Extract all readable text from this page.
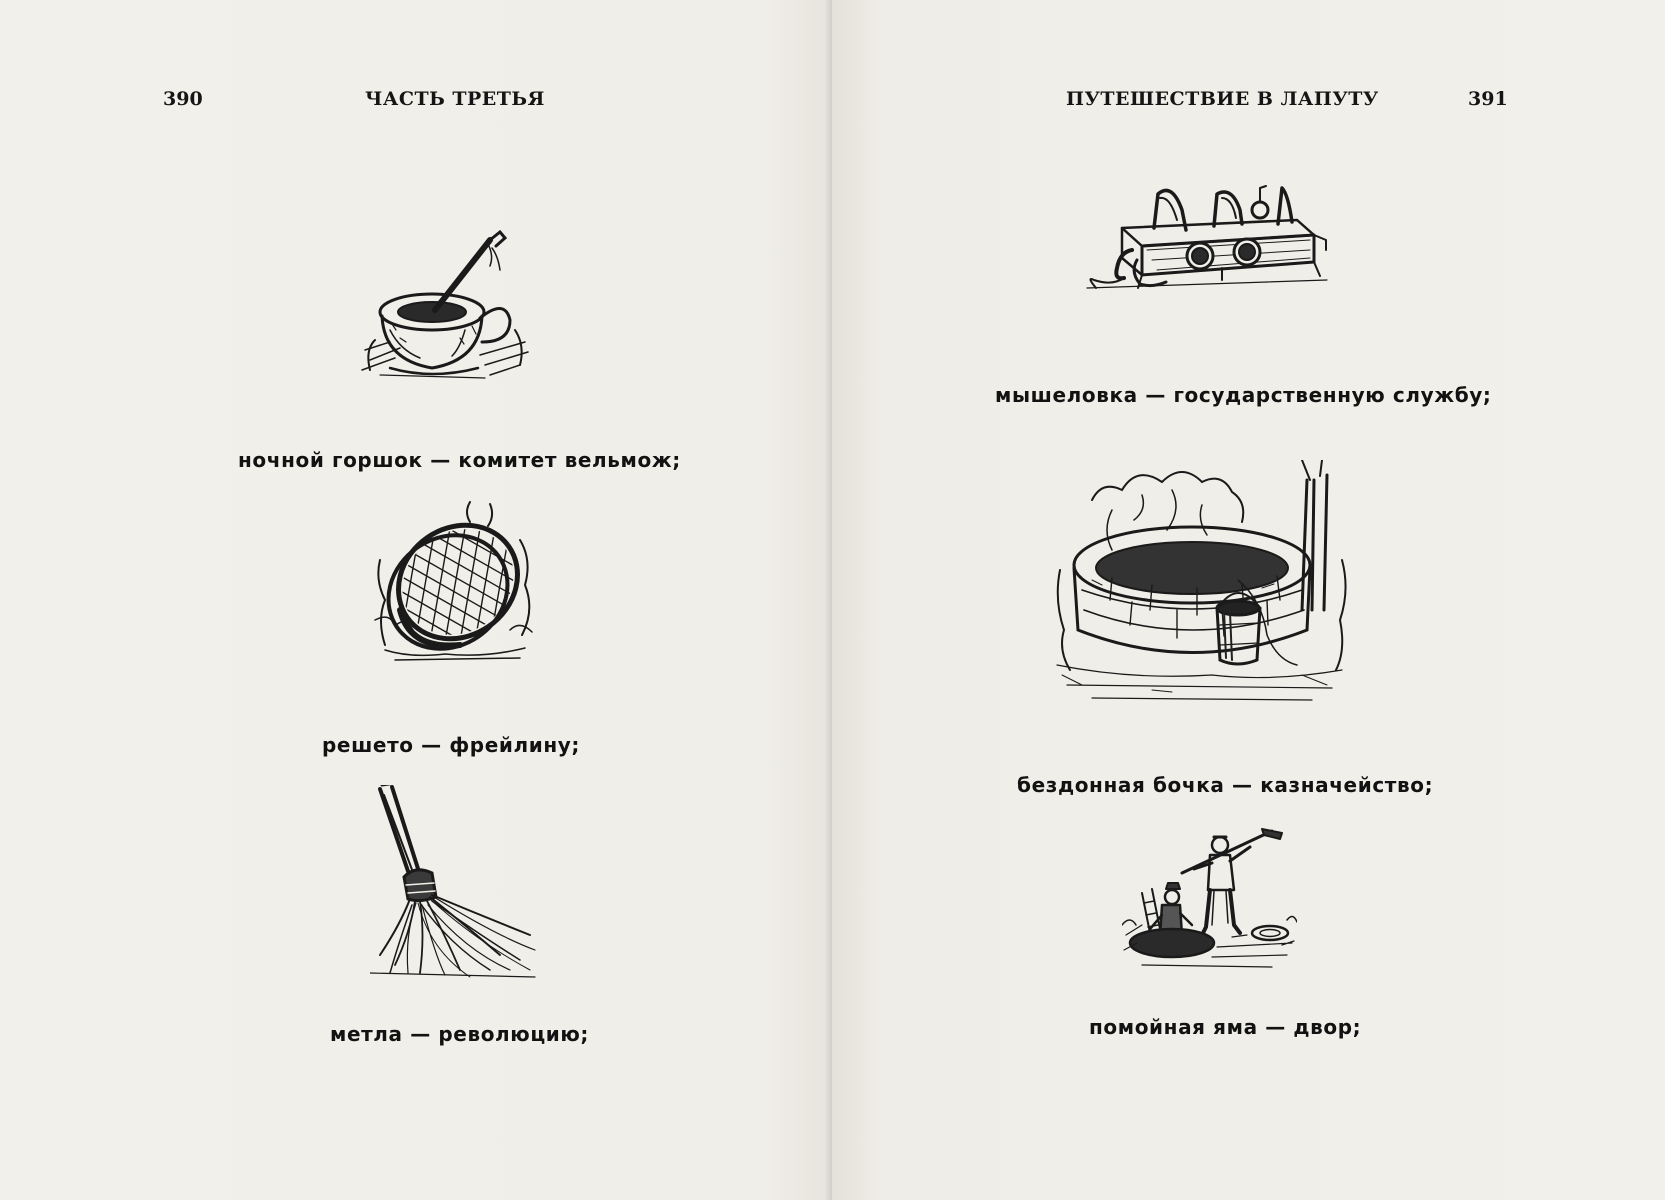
390	ЧАСТЬ ТРЕТЬЯ
ночной горшок — комитет вельмож;
решето — фрейлину;
метла — революцию;
ПУТЕШЕСТВИЕ В ЛАПУТУ	391
мышеловка — государственную службу;
бездонная бочка — казначейство;
помойная яма — двор;
